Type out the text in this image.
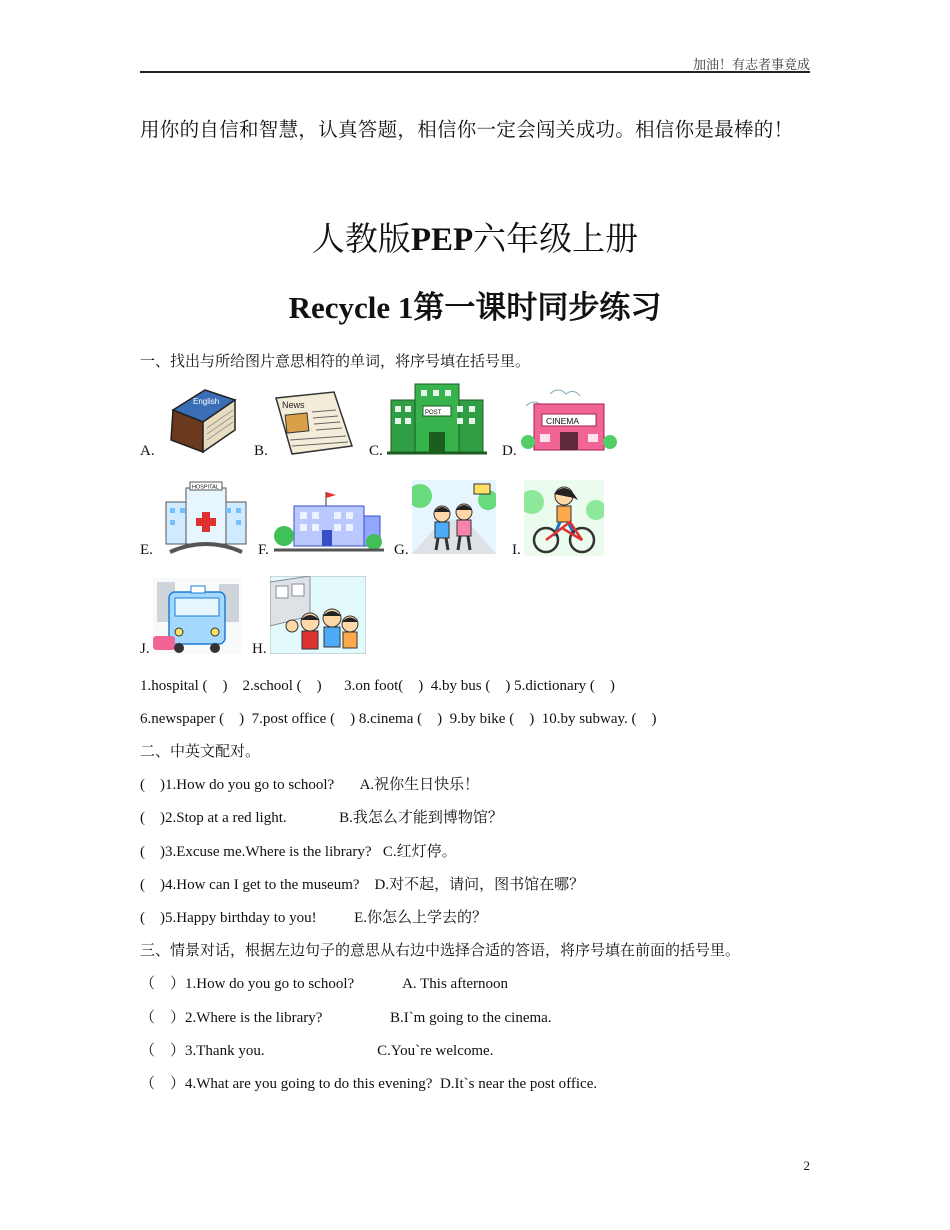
加油！有志者事竟成
用你的自信和智慧，认真答题，相信你一定会闯关成功。相信你是最棒的！
人教版PEP六年级上册
Recycle 1第一课时同步练习
一、找出与所给图片意思相符的单词，将序号填在括号里。
A.
English
B.
News
C.
POST
D.
CINEMA
E.
HOSPITAL
F.	G.	I.
J.	H.
1.hospital (    )    2.school (    )      3.on foot(    )  4.by bus (    ) 5.dictionary (    )
6.newspaper (    )  7.post office (    ) 8.cinema (    )  9.by bike (    )  10.by subway. (    )
二、中英文配对。
(    )1.How do you go to school?       A.祝你生日快乐！
(    )2.Stop at a red light.              B.我怎么才能到博物馆？
(    )3.Excuse me.Where is the library?   C.红灯停。
(    )4.How can I get to the museum?    D.对不起，请问，图书馆在哪？
(    )5.Happy birthday to you!          E.你怎么上学去的？
三、情景对话，根据左边句子的意思从右边中选择合适的答语，将序号填在前面的括号里。
（    ）1.How do you go to school?             A. This afternoon
（    ）2.Where is the library?                  B.I`m going to the cinema.
（    ）3.Thank you.                              C.You`re welcome.
（    ）4.What are you going to do this evening?  D.It`s near the post office.
2
